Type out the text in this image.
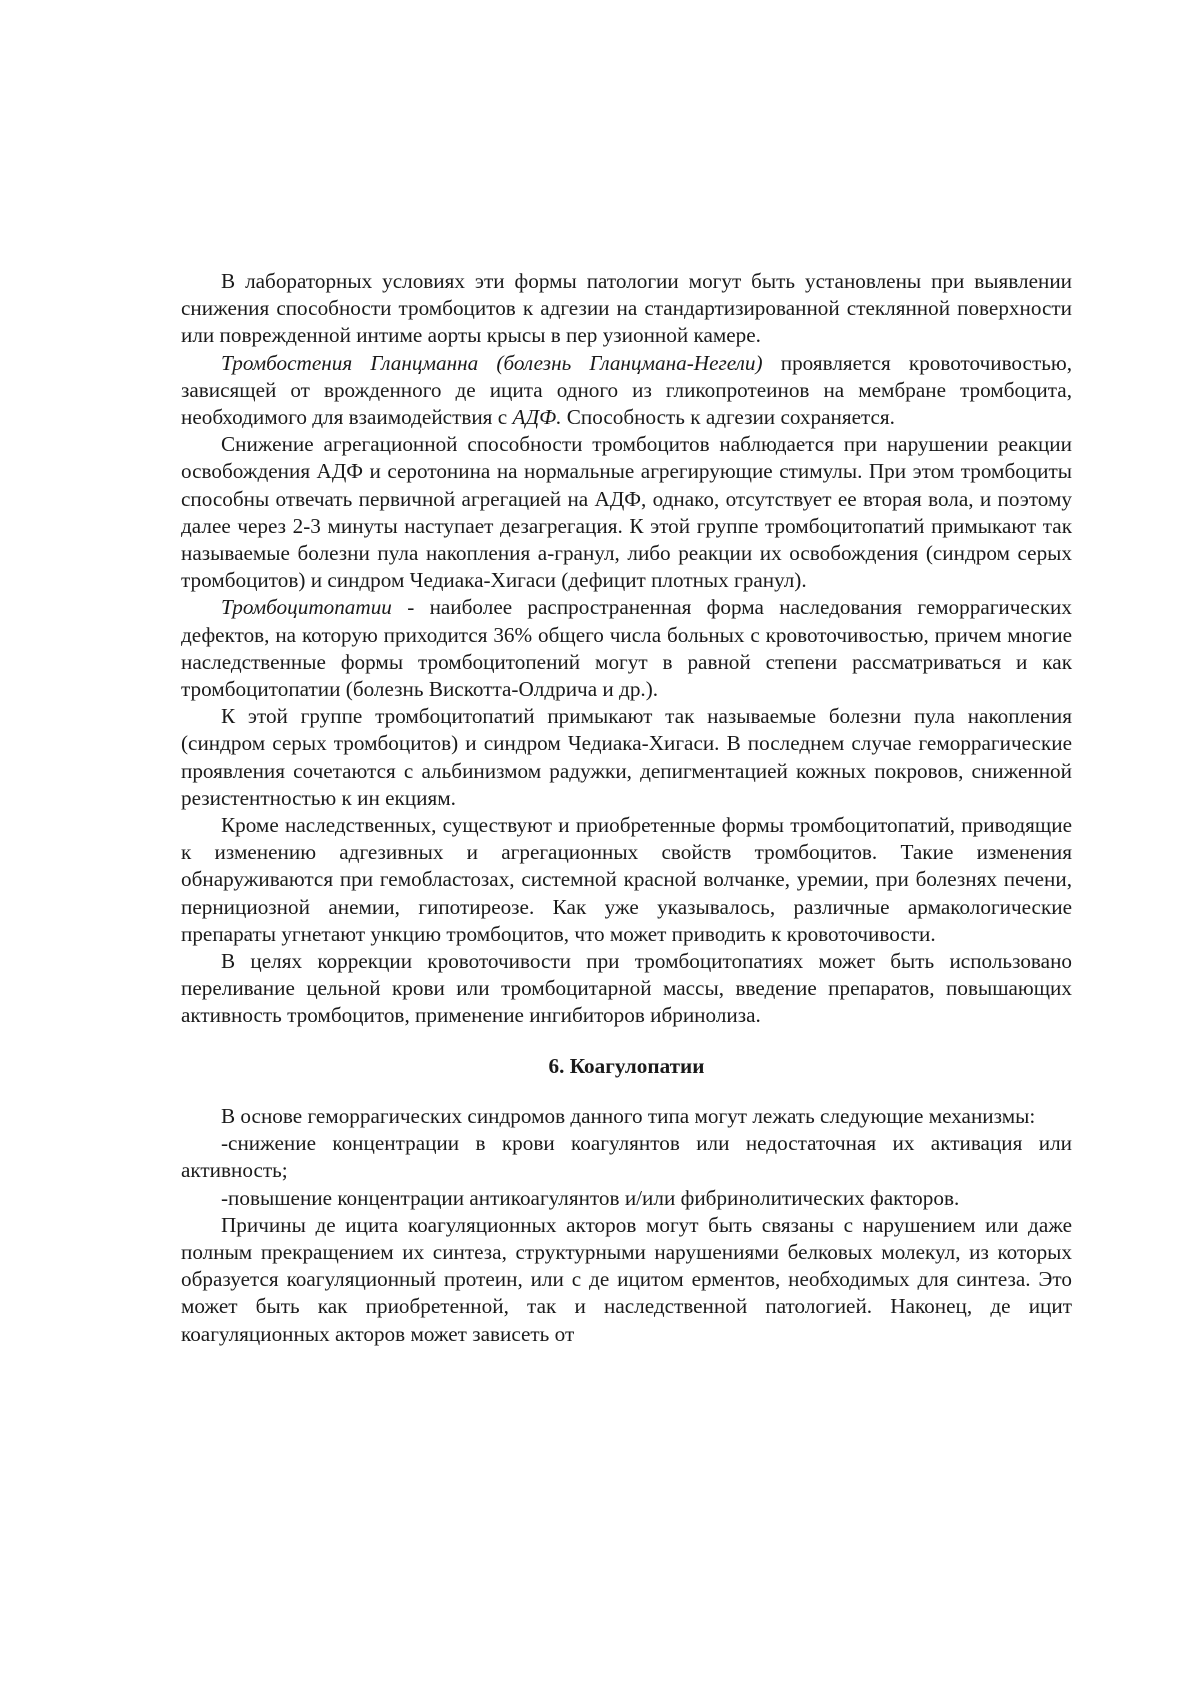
В лабораторных условиях эти формы патологии могут быть установлены при выявлении снижения способности тромбоцитов к адгезии на стандартизированной стеклянной поверхности или поврежденной интиме аорты крысы в пер узионной камере.

Тромбостения Гланцманна (болезнь Гланцмана-Негели) проявляется кровоточивостью, зависящей от врожденного де ицита одного из гликопротеинов на мембране тромбоцита, необходимого для взаимодействия с АДФ. Способность к адгезии сохраняется.

Снижение агрегационной способности тромбоцитов наблюдается при нарушении реакции освобождения АДФ и серотонина на нормальные агрегирующие стимулы. При этом тромбоциты способны отвечать первичной агрегацией на АДФ, однако, отсутствует ее вторая вола, и поэтому далее через 2-3 минуты наступает дезагрегация. К этой группе тромбоцитопатий примыкают так называемые болезни пула накопления а-гранул, либо реакции их освобождения (синдром серых тромбоцитов) и синдром Чедиака-Хигаси (дефицит плотных гранул).

Тромбоцитопатии - наиболее распространенная форма наследования геморрагических дефектов, на которую приходится 36% общего числа больных с кровоточивостью, причем многие наследственные формы тромбоцитопений могут в равной степени рассматриваться и как тромбоцитопатии (болезнь Вискотта-Олдрича и др.).

К этой группе тромбоцитопатий примыкают так называемые болезни пула накопления (синдром серых тромбоцитов) и синдром Чедиака-Хигаси. В последнем случае геморрагические проявления сочетаются с альбинизмом радужки, депигментацией кожных покровов, сниженной резистентностью к ин екциям.

Кроме наследственных, существуют и приобретенные формы тромбоцитопатий, приводящие к изменению адгезивных и агрегационных свойств тромбоцитов. Такие изменения обнаруживаются при гемобластозах, системной красной волчанке, уремии, при болезнях печени, пернициозной анемии, гипотиреозе. Как уже указывалось, различные армакологические препараты угнетают ункцию тромбоцитов, что может приводить к кровоточивости.

В целях коррекции кровоточивости при тромбоцитопатиях может быть использовано переливание цельной крови или тромбоцитарной массы, введение препаратов, повышающих активность тромбоцитов, применение ингибиторов ибринолиза.

6. Коагулопатии

В основе геморрагических синдромов данного типа могут лежать следующие механизмы:

-снижение концентрации в крови коагулянтов или недостаточная их активация или активность;

-повышение концентрации антикоагулянтов и/или фибринолитических факторов.

Причины де ицита коагуляционных акторов могут быть связаны с нарушением или даже полным прекращением их синтеза, структурными нарушениями белковых молекул, из которых образуется коагуляционный протеин, или с де ицитом ерментов, необходимых для синтеза. Это может быть как приобретенной, так и наследственной патологией. Наконец, де ицит коагуляционных акторов может зависеть от
